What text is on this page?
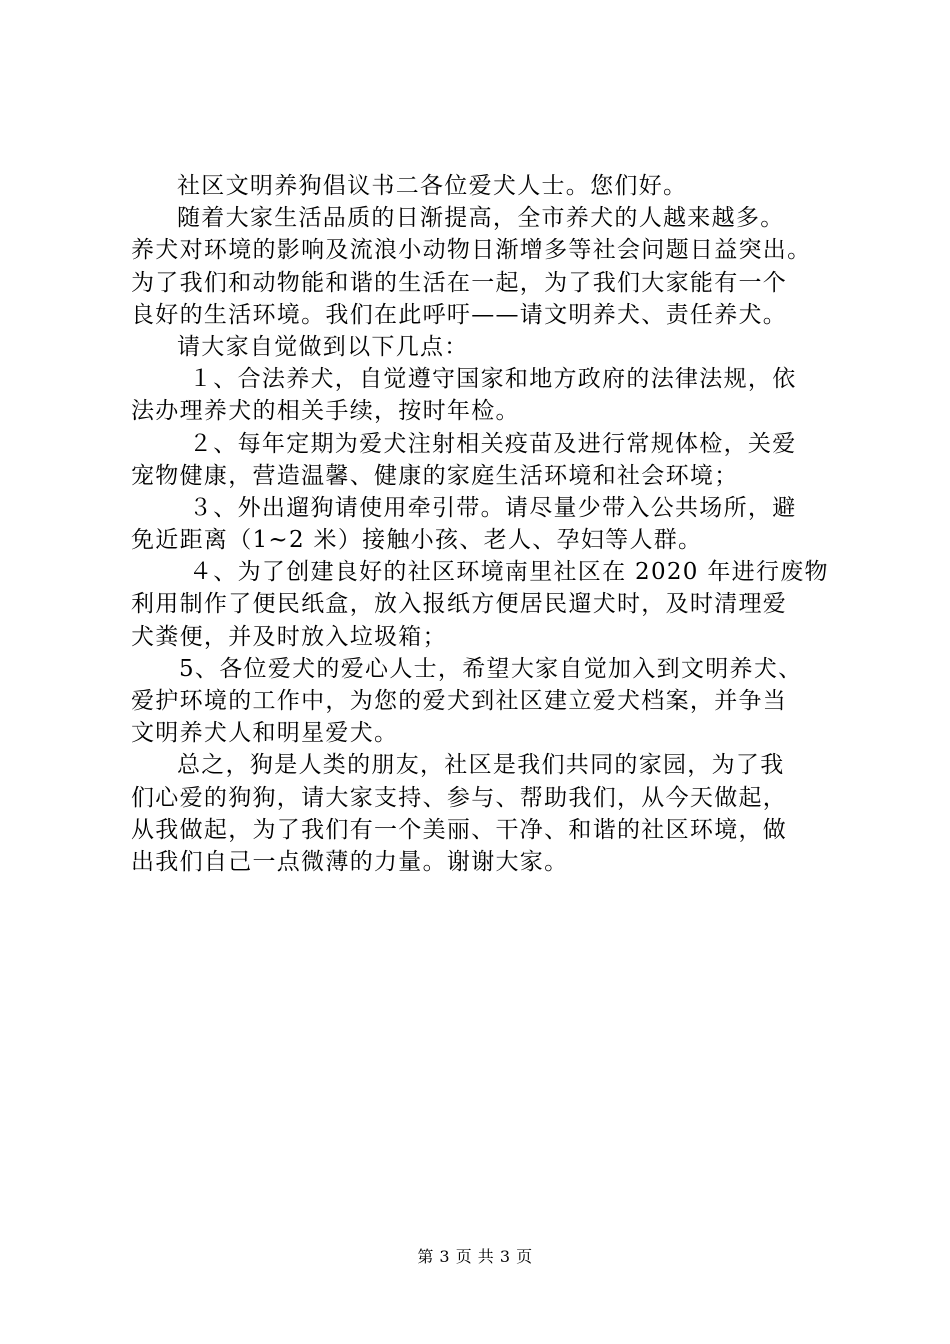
社区文明养狗倡议书二各位爱犬人士。您们好。
随着大家生活品质的日渐提高，全市养犬的人越来越多。
养犬对环境的影响及流浪小动物日渐增多等社会问题日益突出。
为了我们和动物能和谐的生活在一起，为了我们大家能有一个
良好的生活环境。我们在此呼吁——请文明养犬、责任养犬。
请大家自觉做到以下几点：
１、合法养犬，自觉遵守国家和地方政府的法律法规，依
法办理养犬的相关手续，按时年检。
２、每年定期为爱犬注射相关疫苗及进行常规体检，关爱
宠物健康，营造温馨、健康的家庭生活环境和社会环境；
３、外出遛狗请使用牵引带。请尽量少带入公共场所，避
免近距离（1~2 米）接触小孩、老人、孕妇等人群。
４、为了创建良好的社区环境南里社区在 2020 年进行废物
利用制作了便民纸盒，放入报纸方便居民遛犬时，及时清理爱
犬粪便，并及时放入垃圾箱；
5、各位爱犬的爱心人士，希望大家自觉加入到文明养犬、
爱护环境的工作中，为您的爱犬到社区建立爱犬档案，并争当
文明养犬人和明星爱犬。
总之，狗是人类的朋友，社区是我们共同的家园，为了我
们心爱的狗狗，请大家支持、参与、帮助我们，从今天做起，
从我做起，为了我们有一个美丽、干净、和谐的社区环境，做
出我们自己一点微薄的力量。谢谢大家。
第 3 页 共 3 页
